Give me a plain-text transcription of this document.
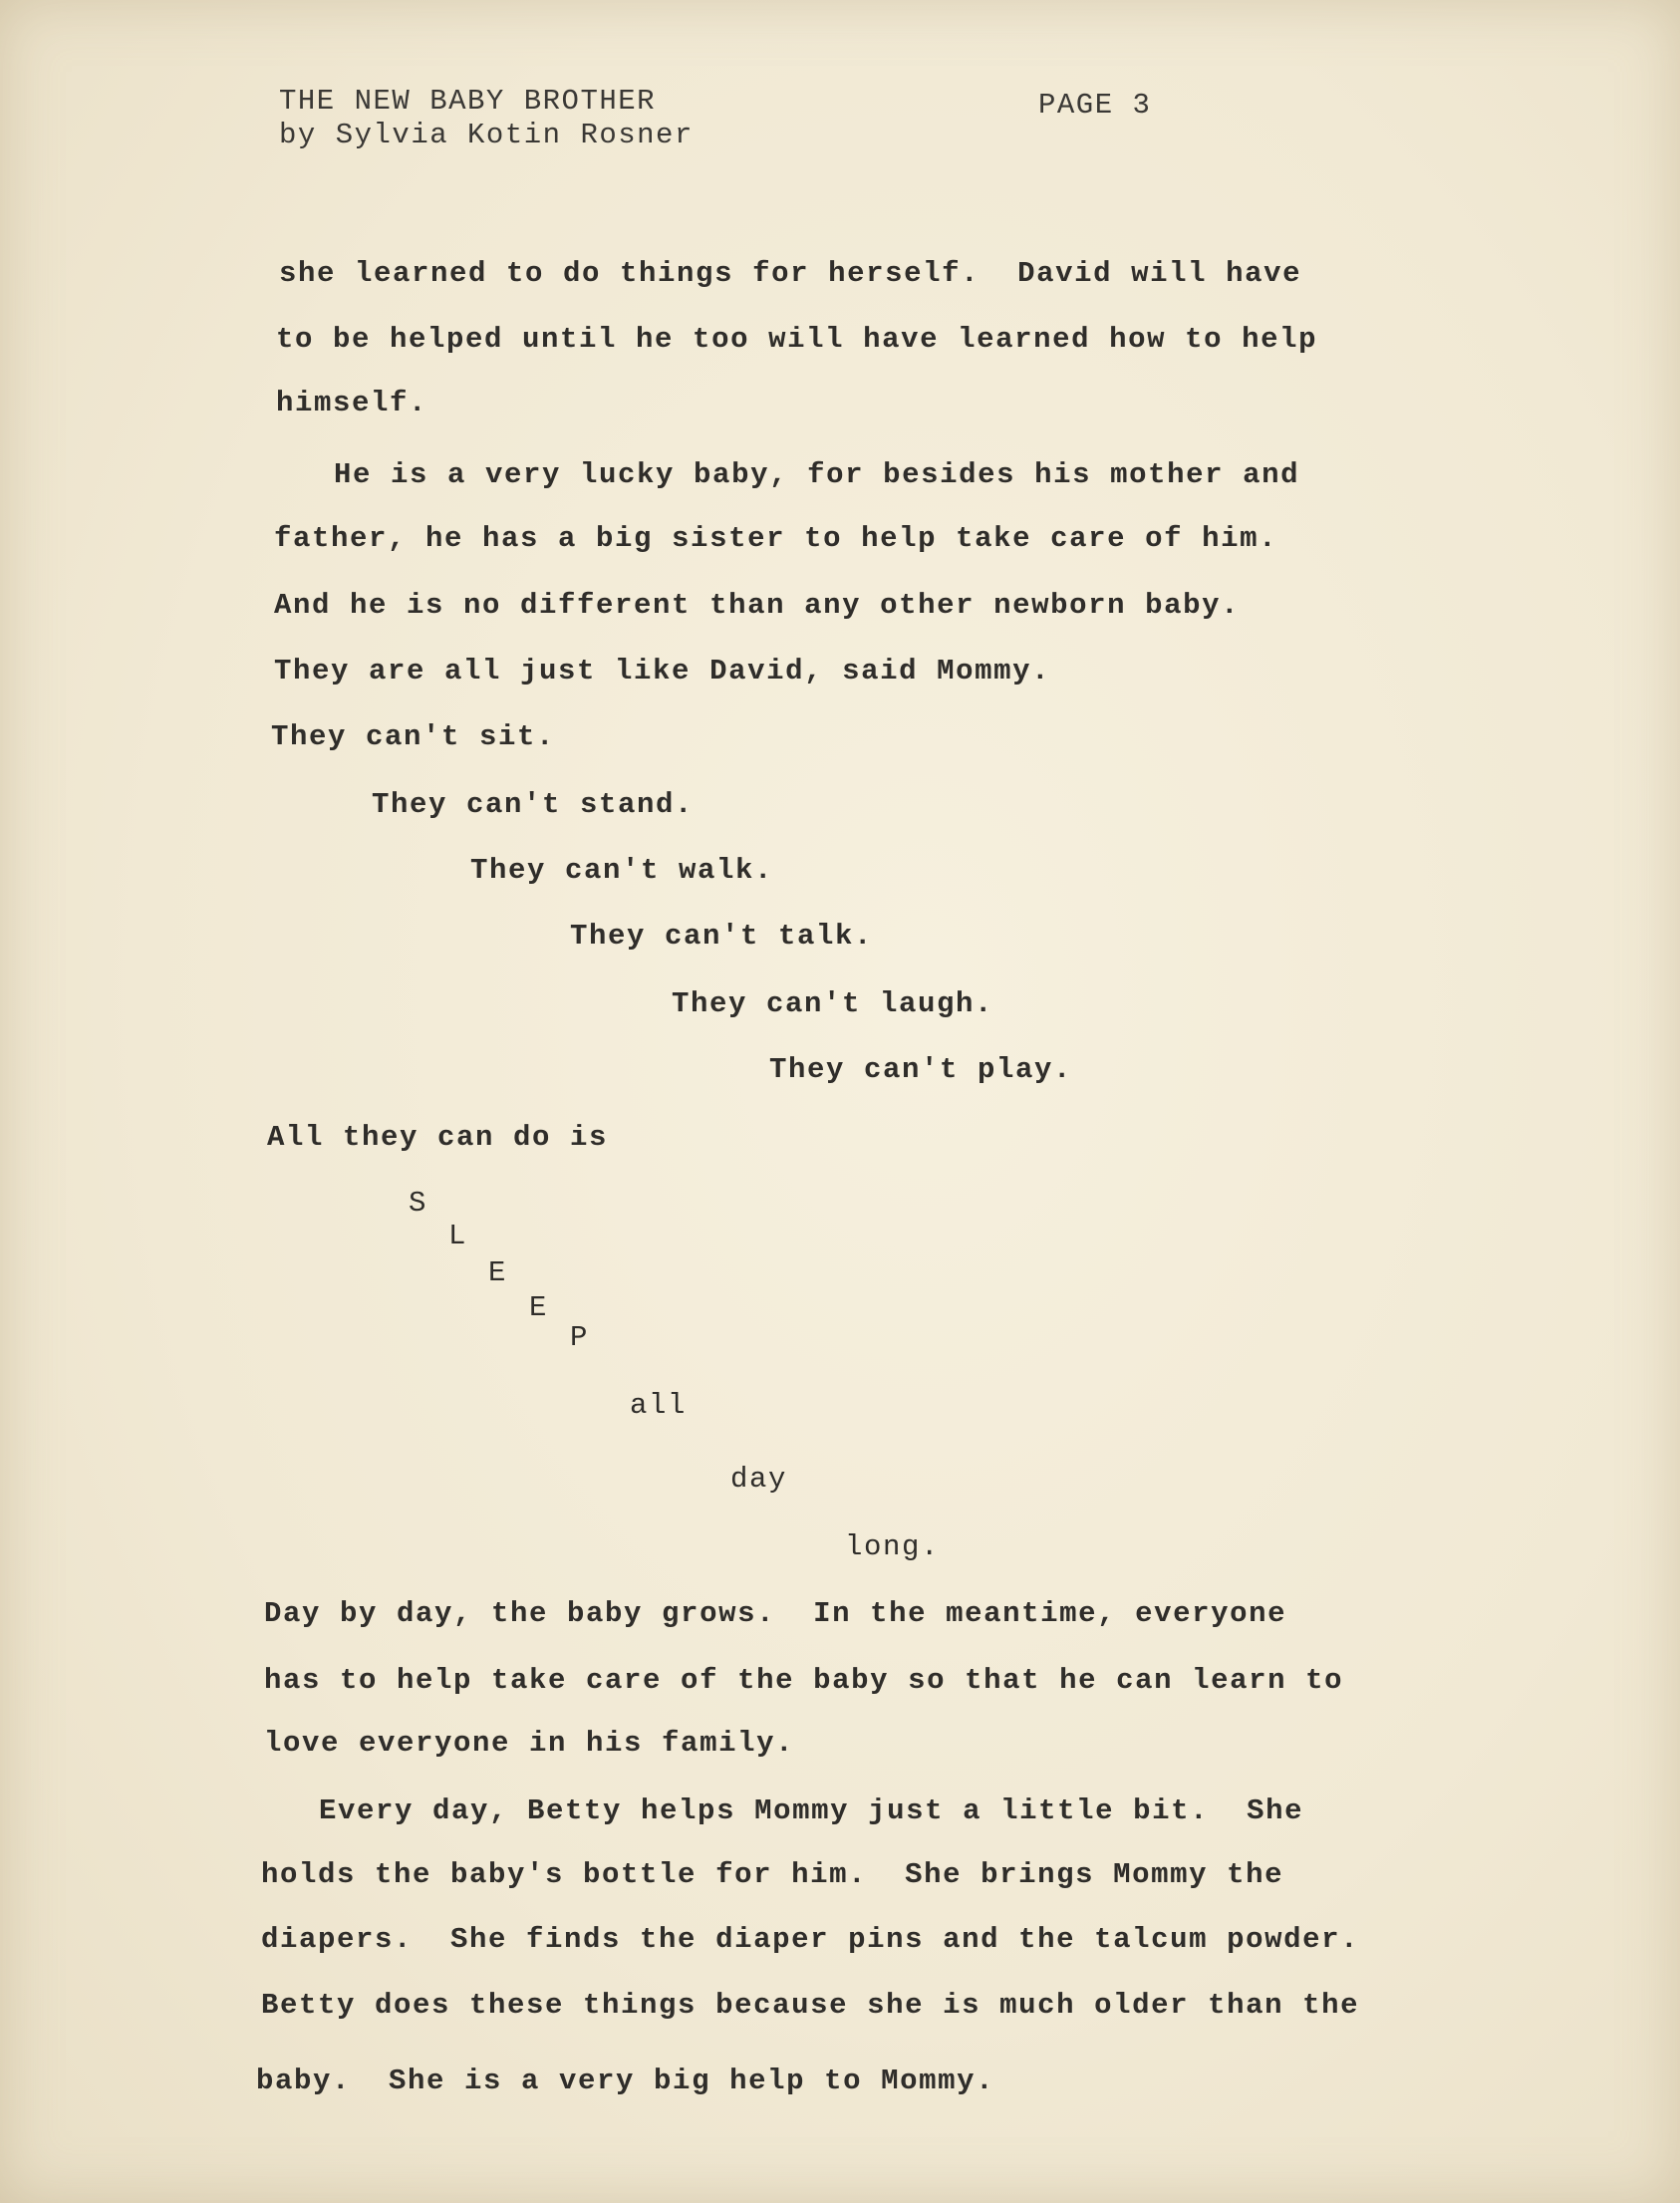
THE NEW BABY BROTHER
by Sylvia Kotin Rosner
PAGE 3
she learned to do things for herself.  David will have
to be helped until he too will have learned how to help
himself.
He is a very lucky baby, for besides his mother and
father, he has a big sister to help take care of him.
And he is no different than any other newborn baby.
They are all just like David, said Mommy.
They can't sit.
They can't stand.
They can't walk.
They can't talk.
They can't laugh.
They can't play.
All they can do is
S
L
E
E
P
all
day
long.
Day by day, the baby grows.  In the meantime, everyone
has to help take care of the baby so that he can learn to
love everyone in his family.
Every day, Betty helps Mommy just a little bit.  She
holds the baby's bottle for him.  She brings Mommy the
diapers.  She finds the diaper pins and the talcum powder.
Betty does these things because she is much older than the
baby.  She is a very big help to Mommy.
